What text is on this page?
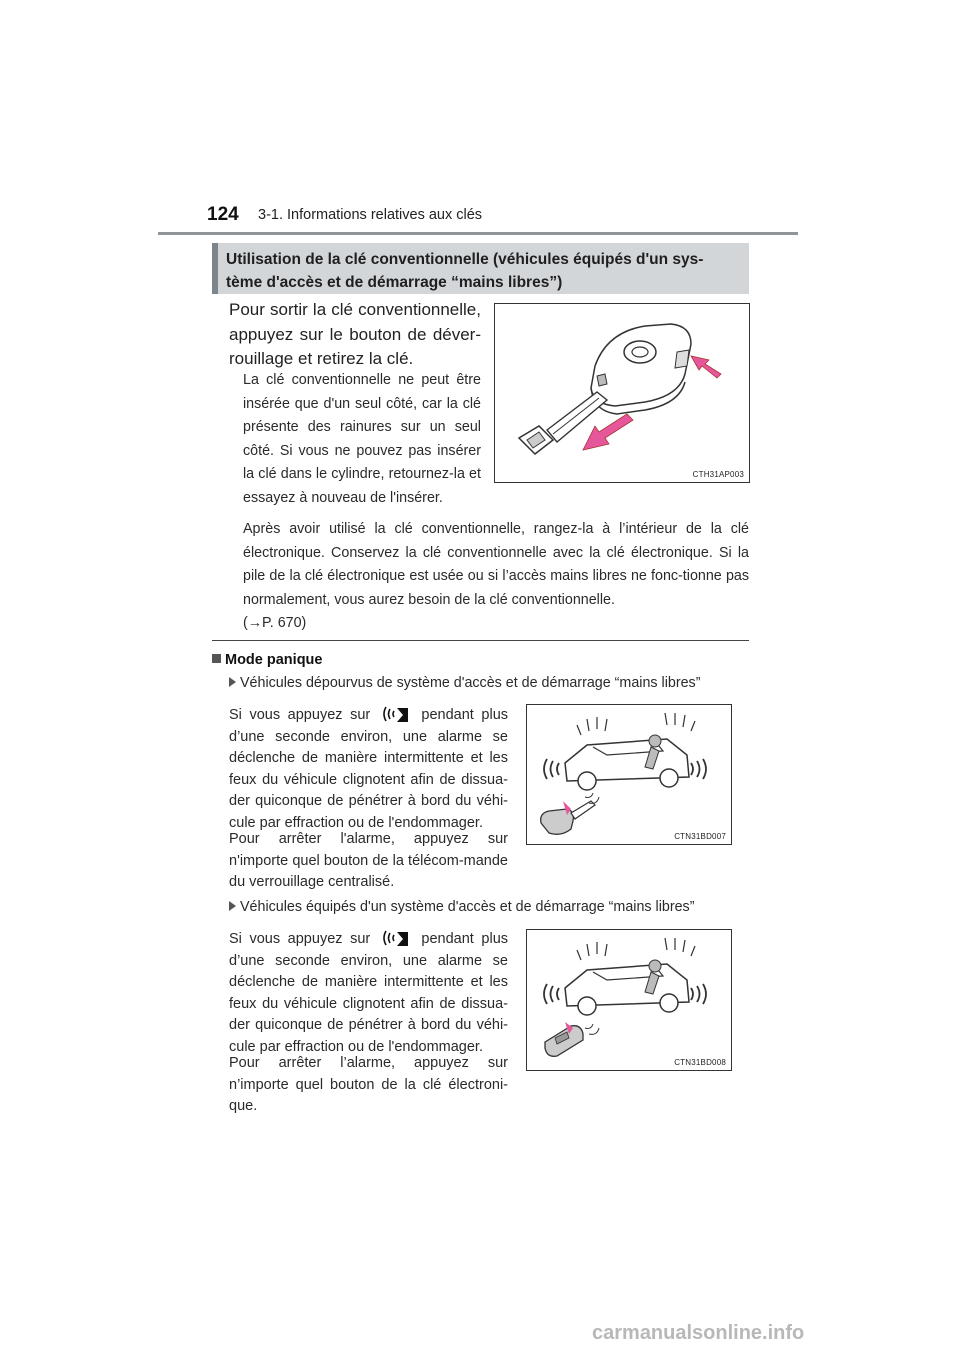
124 3-1. Informations relatives aux clés
Utilisation de la clé conventionnelle (véhicules équipés d'un sys-
tème d'accès et de démarrage “mains libres”)
Pour sortir la clé conventionnelle, appuyez sur le bouton de déver-rouillage et retirez la clé.
La clé conventionnelle ne peut être insérée que d'un seul côté, car la clé présente des rainures sur un seul côté. Si vous ne pouvez pas insérer la clé dans le cylindre, retournez-la et essayez à nouveau de l'insérer.
CTH31AP003
Après avoir utilisé la clé conventionnelle, rangez-la à l’intérieur de la clé électronique. Conservez la clé conventionnelle avec la clé électronique. Si la pile de la clé électronique est usée ou si l’accès mains libres ne fonc-tionne pas normalement, vous aurez besoin de la clé conventionnelle.
(→P. 670)
Mode panique
Véhicules dépourvus de système d'accès et de démarrage “mains libres”
Si vous appuyez sur	pendant plus d’une seconde environ, une alarme se déclenche de manière intermittente et les feux du véhicule clignotent afin de dissua-der quiconque de pénétrer à bord du véhi-cule par effraction ou de l'endommager.
Pour arrêter l'alarme, appuyez sur n'importe quel bouton de la télécom-mande du verrouillage centralisé.
CTN31BD007
Véhicules équipés d'un système d'accès et de démarrage “mains libres”
Si vous appuyez sur	pendant plus d’une seconde environ, une alarme se déclenche de manière intermittente et les feux du véhicule clignotent afin de dissua-der quiconque de pénétrer à bord du véhi-cule par effraction ou de l'endommager.
Pour arrêter l’alarme, appuyez sur n’importe quel bouton de la clé électroni-que.
CTN31BD008
carmanualsonline.info
